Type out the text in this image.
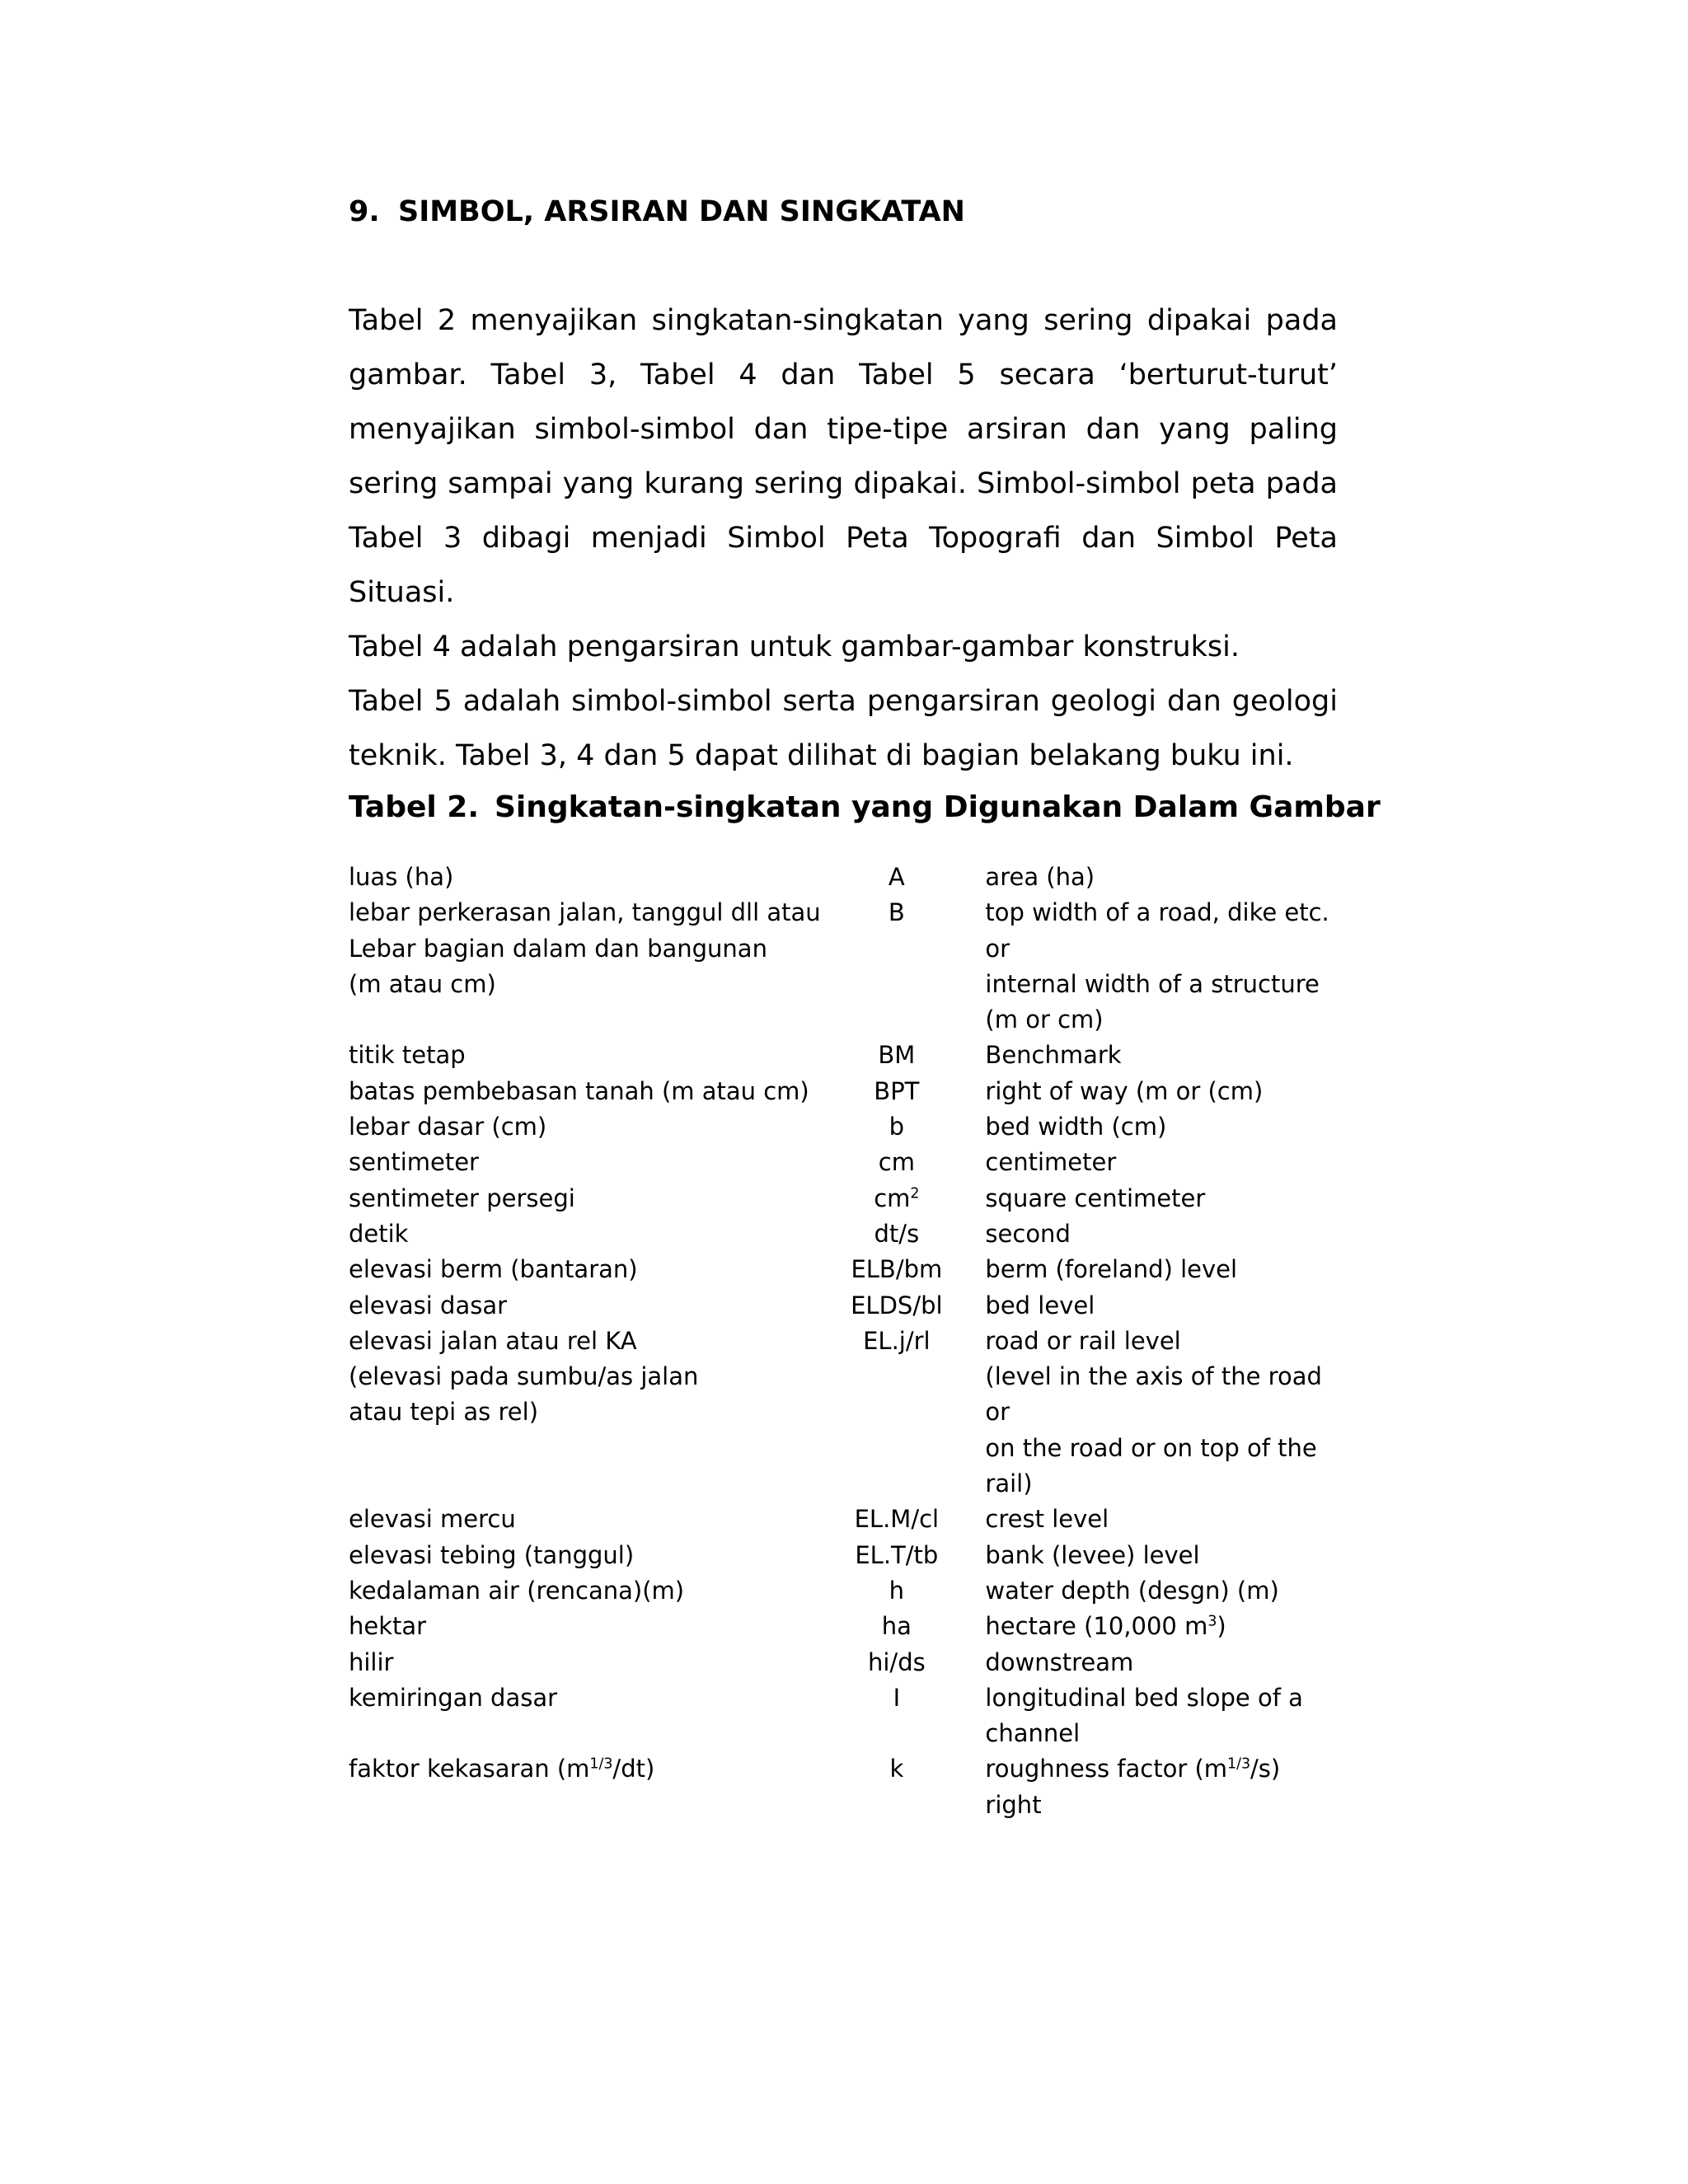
9. SIMBOL, ARSIRAN DAN SINGKATAN

Tabel 2 menyajikan singkatan-singkatan yang sering dipakai pada gambar. Tabel 3, Tabel 4 dan Tabel 5 secara ‘berturut-turut’ menyajikan simbol-simbol dan tipe-tipe arsiran dan yang paling sering sampai yang kurang sering dipakai. Simbol-simbol peta pada Tabel 3 dibagi menjadi Simbol Peta Topografi dan Simbol Peta Situasi.

Tabel 4 adalah pengarsiran untuk gambar-gambar konstruksi.

Tabel 5 adalah simbol-simbol serta pengarsiran geologi dan geologi teknik. Tabel 3, 4 dan 5 dapat dilihat di bagian belakang buku ini.

Tabel 2. Singkatan-singkatan yang Digunakan Dalam Gambar
luas (ha)	A	area (ha)
lebar perkerasan jalan, tanggul dll atau
Lebar bagian dalam dan bangunan
(m atau cm)	B	top width of a road, dike etc. or
internal width of a structure
(m or cm)
titik tetap	BM	Benchmark
batas pembebasan tanah (m atau cm)	BPT	right of way (m or (cm)
lebar dasar (cm)	b	bed width (cm)
sentimeter	cm	centimeter
sentimeter persegi	$cm^2$	square centimeter
detik	dt/s	second
elevasi berm (bantaran)	ELB/bm	berm (foreland) level
elevasi dasar	ELDS/bl	bed level
elevasi jalan atau rel KA
(elevasi pada sumbu/as jalan
atau tepi as rel)	EL.j/rl	road or rail level
(level in the axis of the road or
on the road or on top of the
rail)
elevasi mercu	EL.M/cl	crest level
elevasi tebing (tanggul)	EL.T/tb	bank (levee) level
kedalaman air (rencana)(m)	h	water depth (desgn) (m)
hektar	ha	hectare (10,000 $m^3$)
hilir	hi/ds	downstream
kemiringan dasar	I	longitudinal bed slope of a
channel
faktor kekasaran $(m^{1/3}/dt)$	k	roughness factor $(m^{1/3}/s)$ right
